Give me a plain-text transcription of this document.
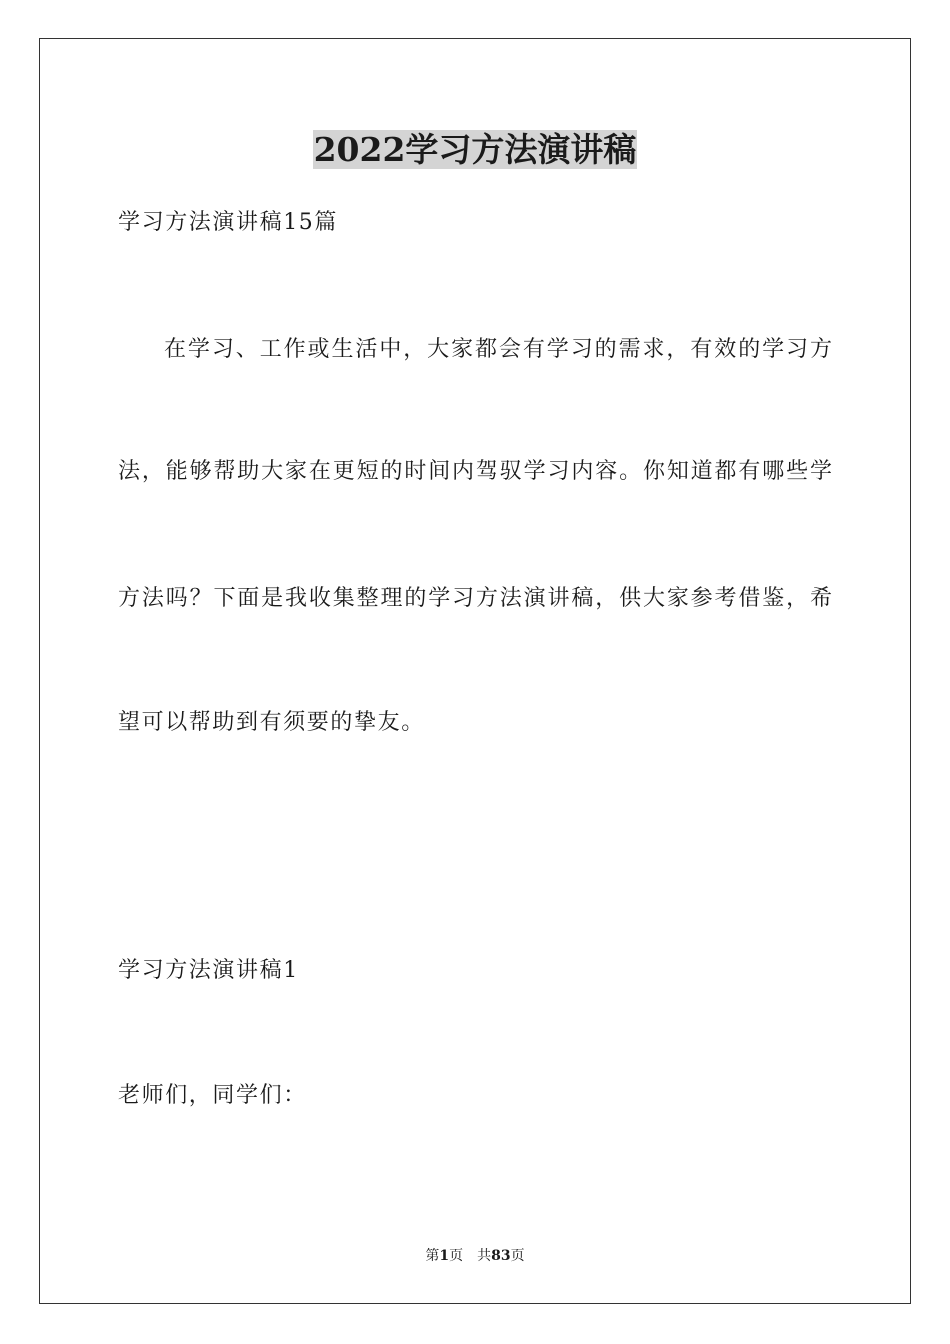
2022学习方法演讲稿
学习方法演讲稿15篇
在学习、工作或生活中，大家都会有学习的需求，有效的学习方
法，能够帮助大家在更短的时间内驾驭学习内容。你知道都有哪些学
方法吗？下面是我收集整理的学习方法演讲稿，供大家参考借鉴，希
望可以帮助到有须要的挚友。
学习方法演讲稿1
老师们，同学们：
第1页 共83页
